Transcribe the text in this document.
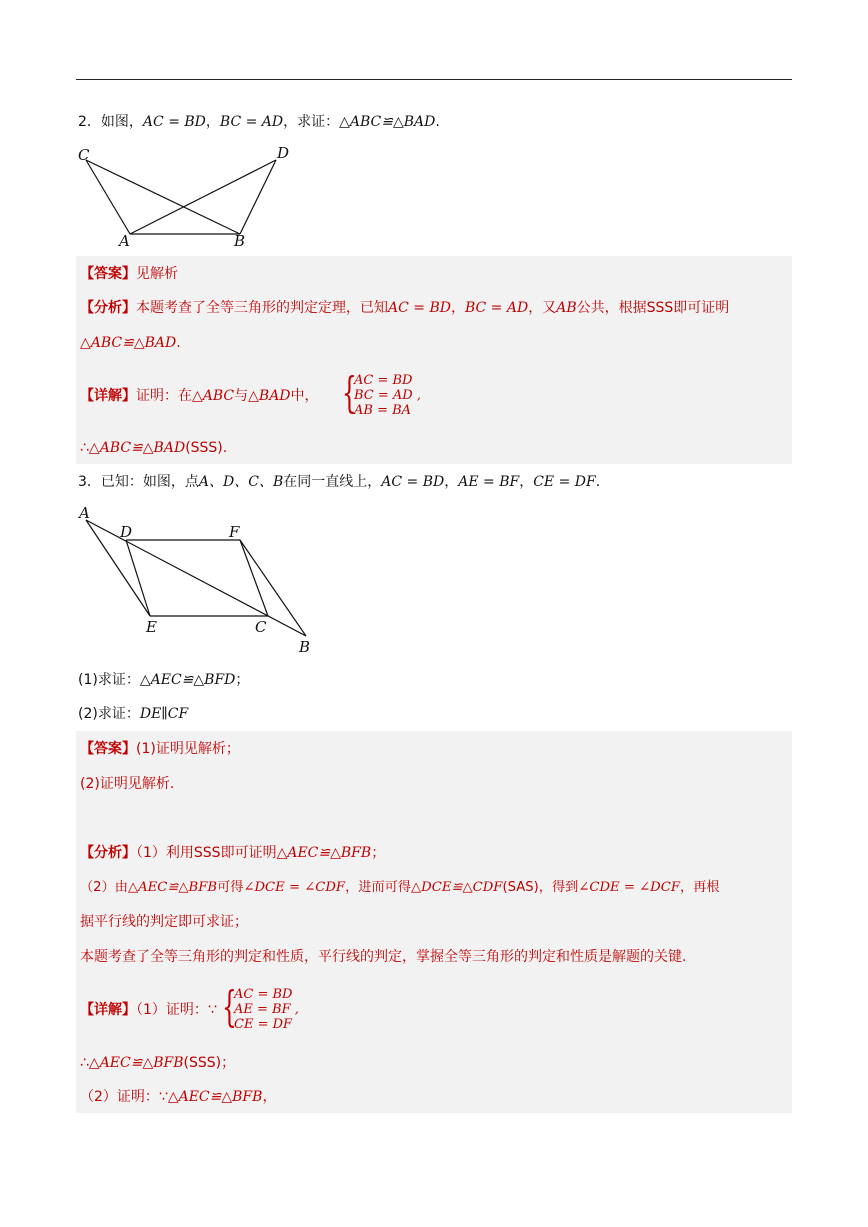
2．如图，AC = BD，BC = AD，求证：△ABC≌△BAD.
C	D
A	B
【答案】见解析
【分析】本题考查了全等三角形的判定定理，已知AC = BD，BC = AD，又AB公共，根据SSS即可证明
△ABC≌△BAD.
【详解】证明：在△ABC与△BAD中， {
AC = BD
BC = AD ,
AB = BA
∴△ABC≌△BAD(SSS).
3．已知：如图，点A、D、C、B在同一直线上，AC = BD，AE = BF，CE = DF.
A
D	F
E	C
B
(1)求证：△AEC≌△BFD；
(2)求证：DE∥CF
【答案】(1)证明见解析；
(2)证明见解析.
【分析】（1）利用SSS即可证明△AEC≌△BFB；
（2）由△AEC≌△BFB可得∠DCE = ∠CDF，进而可得△DCE≌△CDF(SAS)，得到∠CDE = ∠DCF，再根
据平行线的判定即可求证；
本题考查了全等三角形的判定和性质，平行线的判定，掌握全等三角形的判定和性质是解题的关键.
【详解】（1）证明：∵ {
AC = BD
AE = BF ,
CE = DF
∴△AEC≌△BFB(SSS)；
（2）证明：∵△AEC≌△BFB，
